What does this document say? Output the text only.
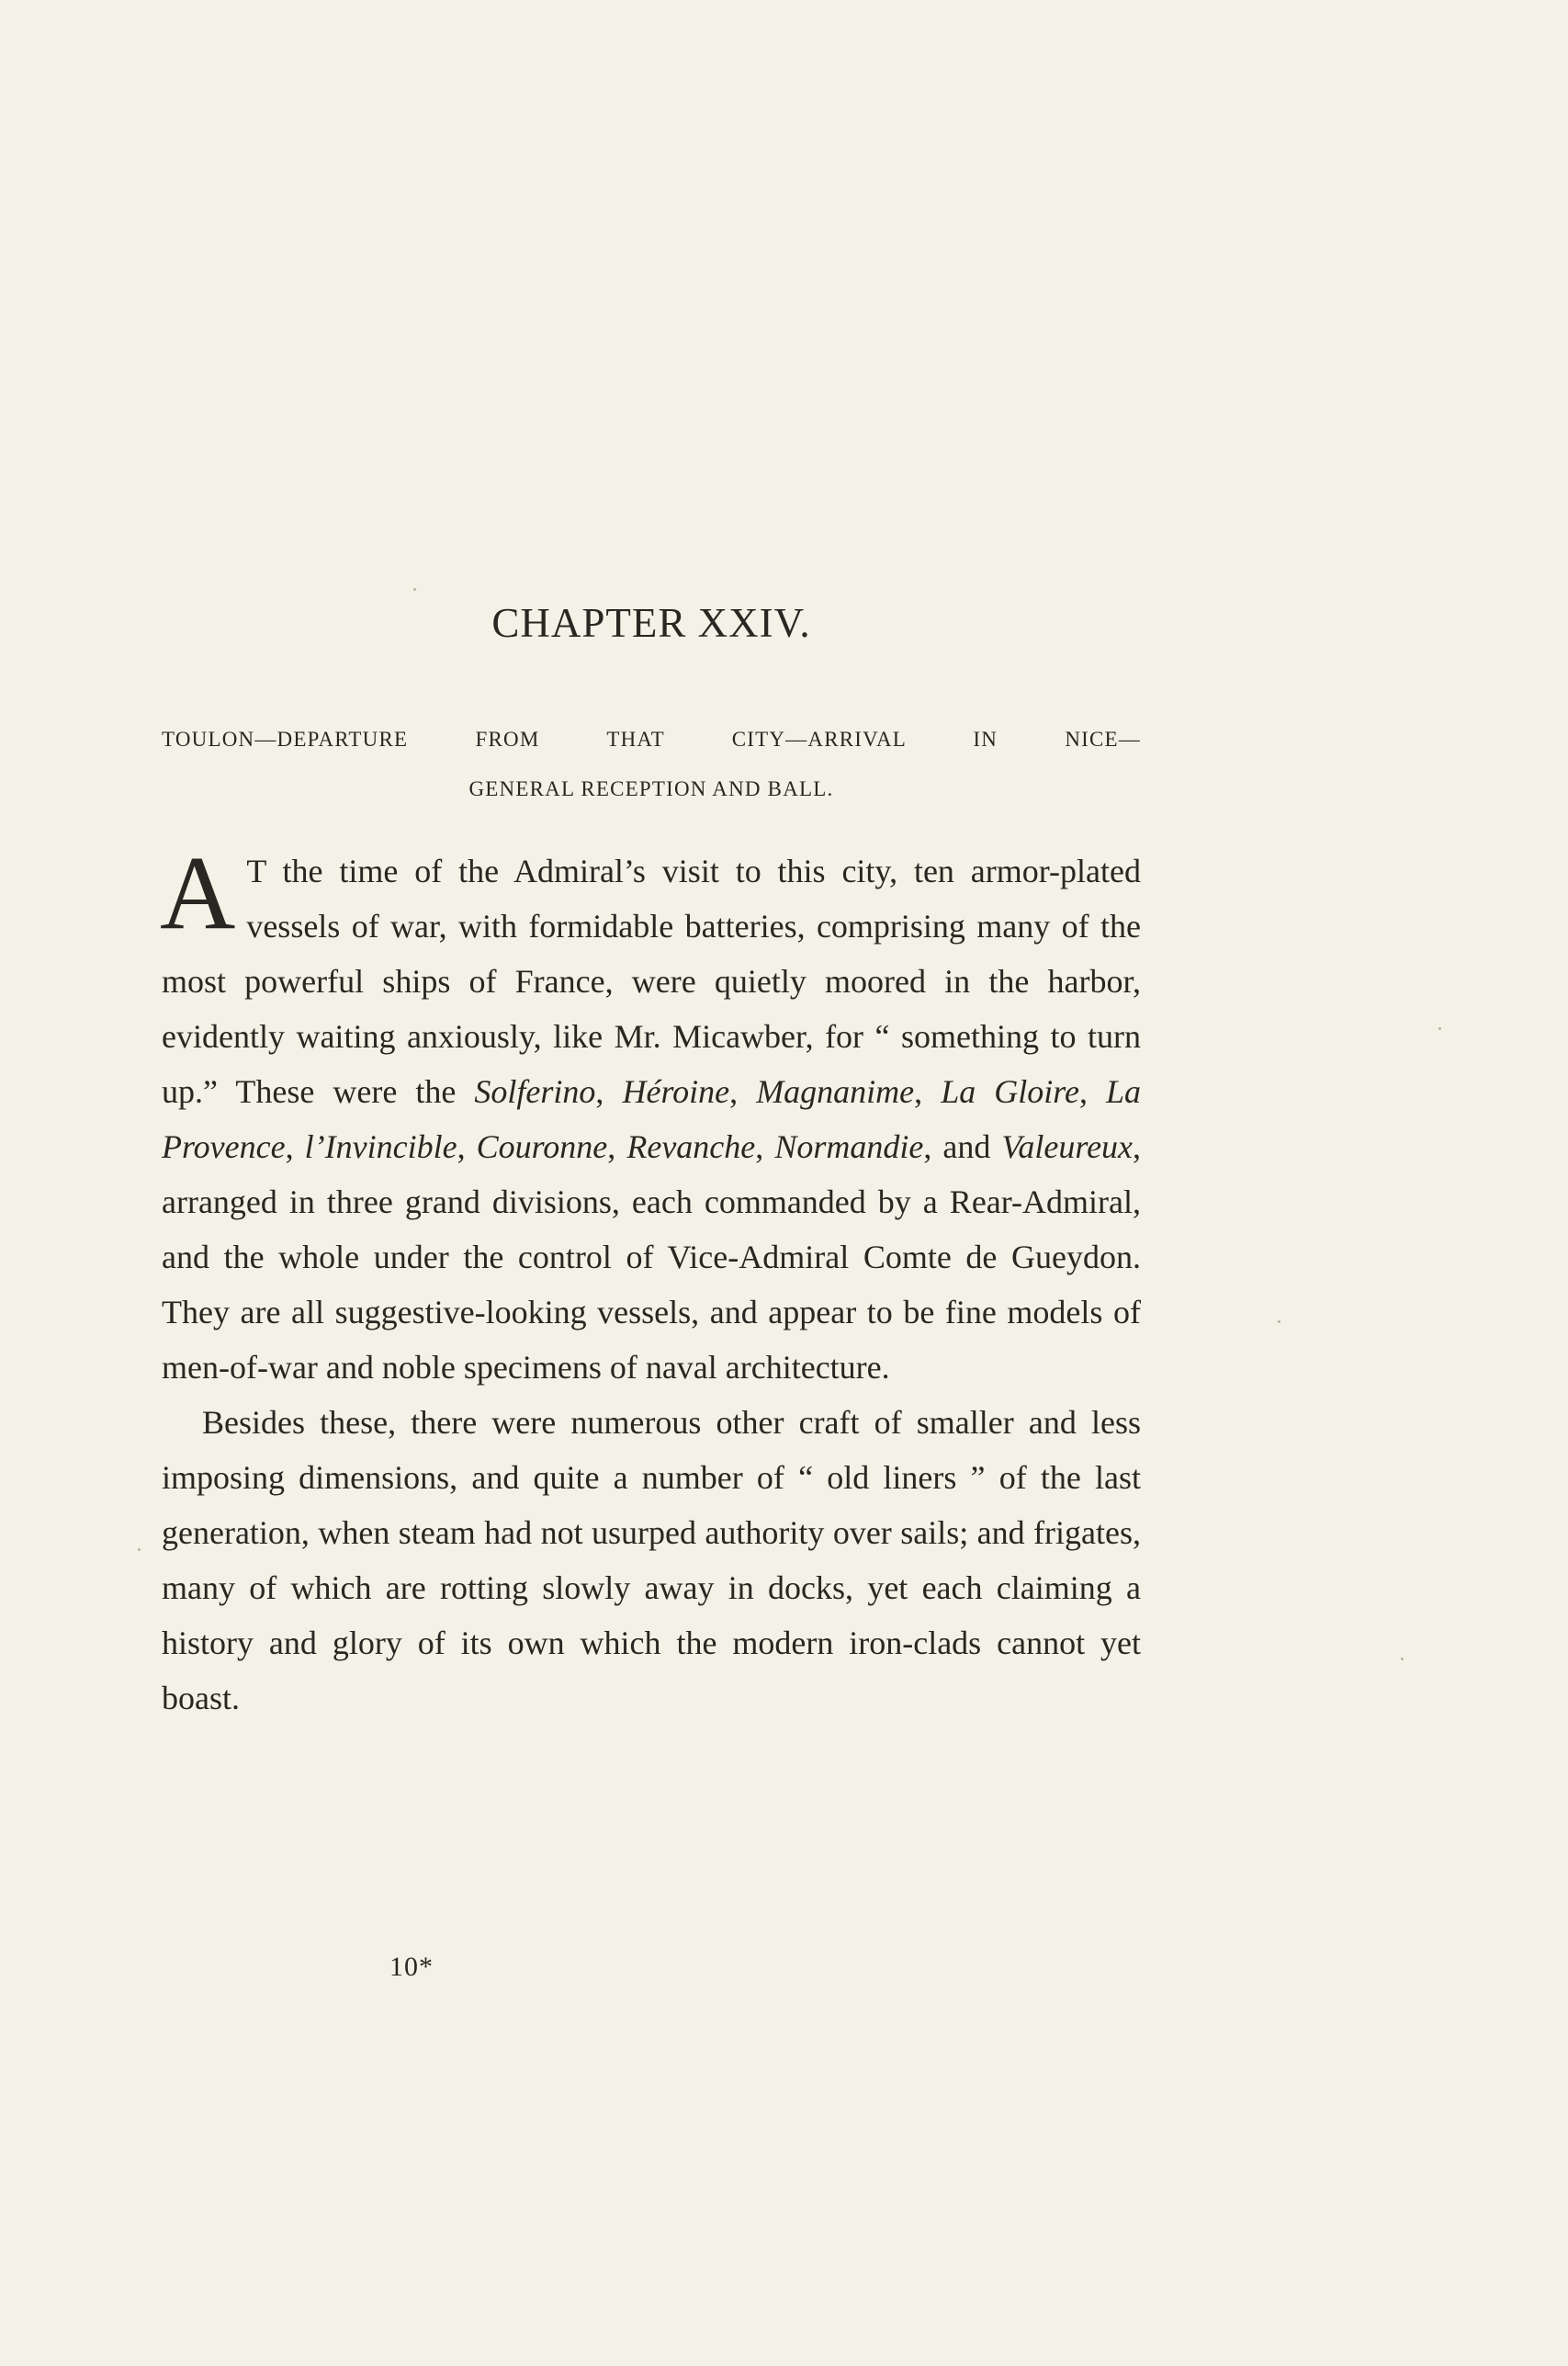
CHAPTER XXIV.
TOULON—DEPARTURE FROM THAT CITY—ARRIVAL IN NICE—
GENERAL RECEPTION AND BALL.

A T the time of the Admiral’s visit to this city, ten armor-plated vessels of war, with formidable batteries, comprising many of the most powerful ships of France, were quietly moored in the harbor, evidently waiting anxiously, like Mr. Micawber, for “ something to turn up.” These were the Solferino, Héroine, Magnanime, La Gloire, La Provence, l’Invincible, Couronne, Revanche, Normandie, and Valeureux, arranged in three grand divisions, each commanded by a Rear-Admiral, and the whole under the control of Vice-Admiral Comte de Gueydon. They are all suggestive-looking vessels, and appear to be fine models of men-of-war and noble specimens of naval architecture.

Besides these, there were numerous other craft of smaller and less imposing dimensions, and quite a number of “ old liners ” of the last generation, when steam had not usurped authority over sails; and frigates, many of which are rotting slowly away in docks, yet each claiming a history and glory of its own which the modern iron-clads cannot yet boast.

10*
